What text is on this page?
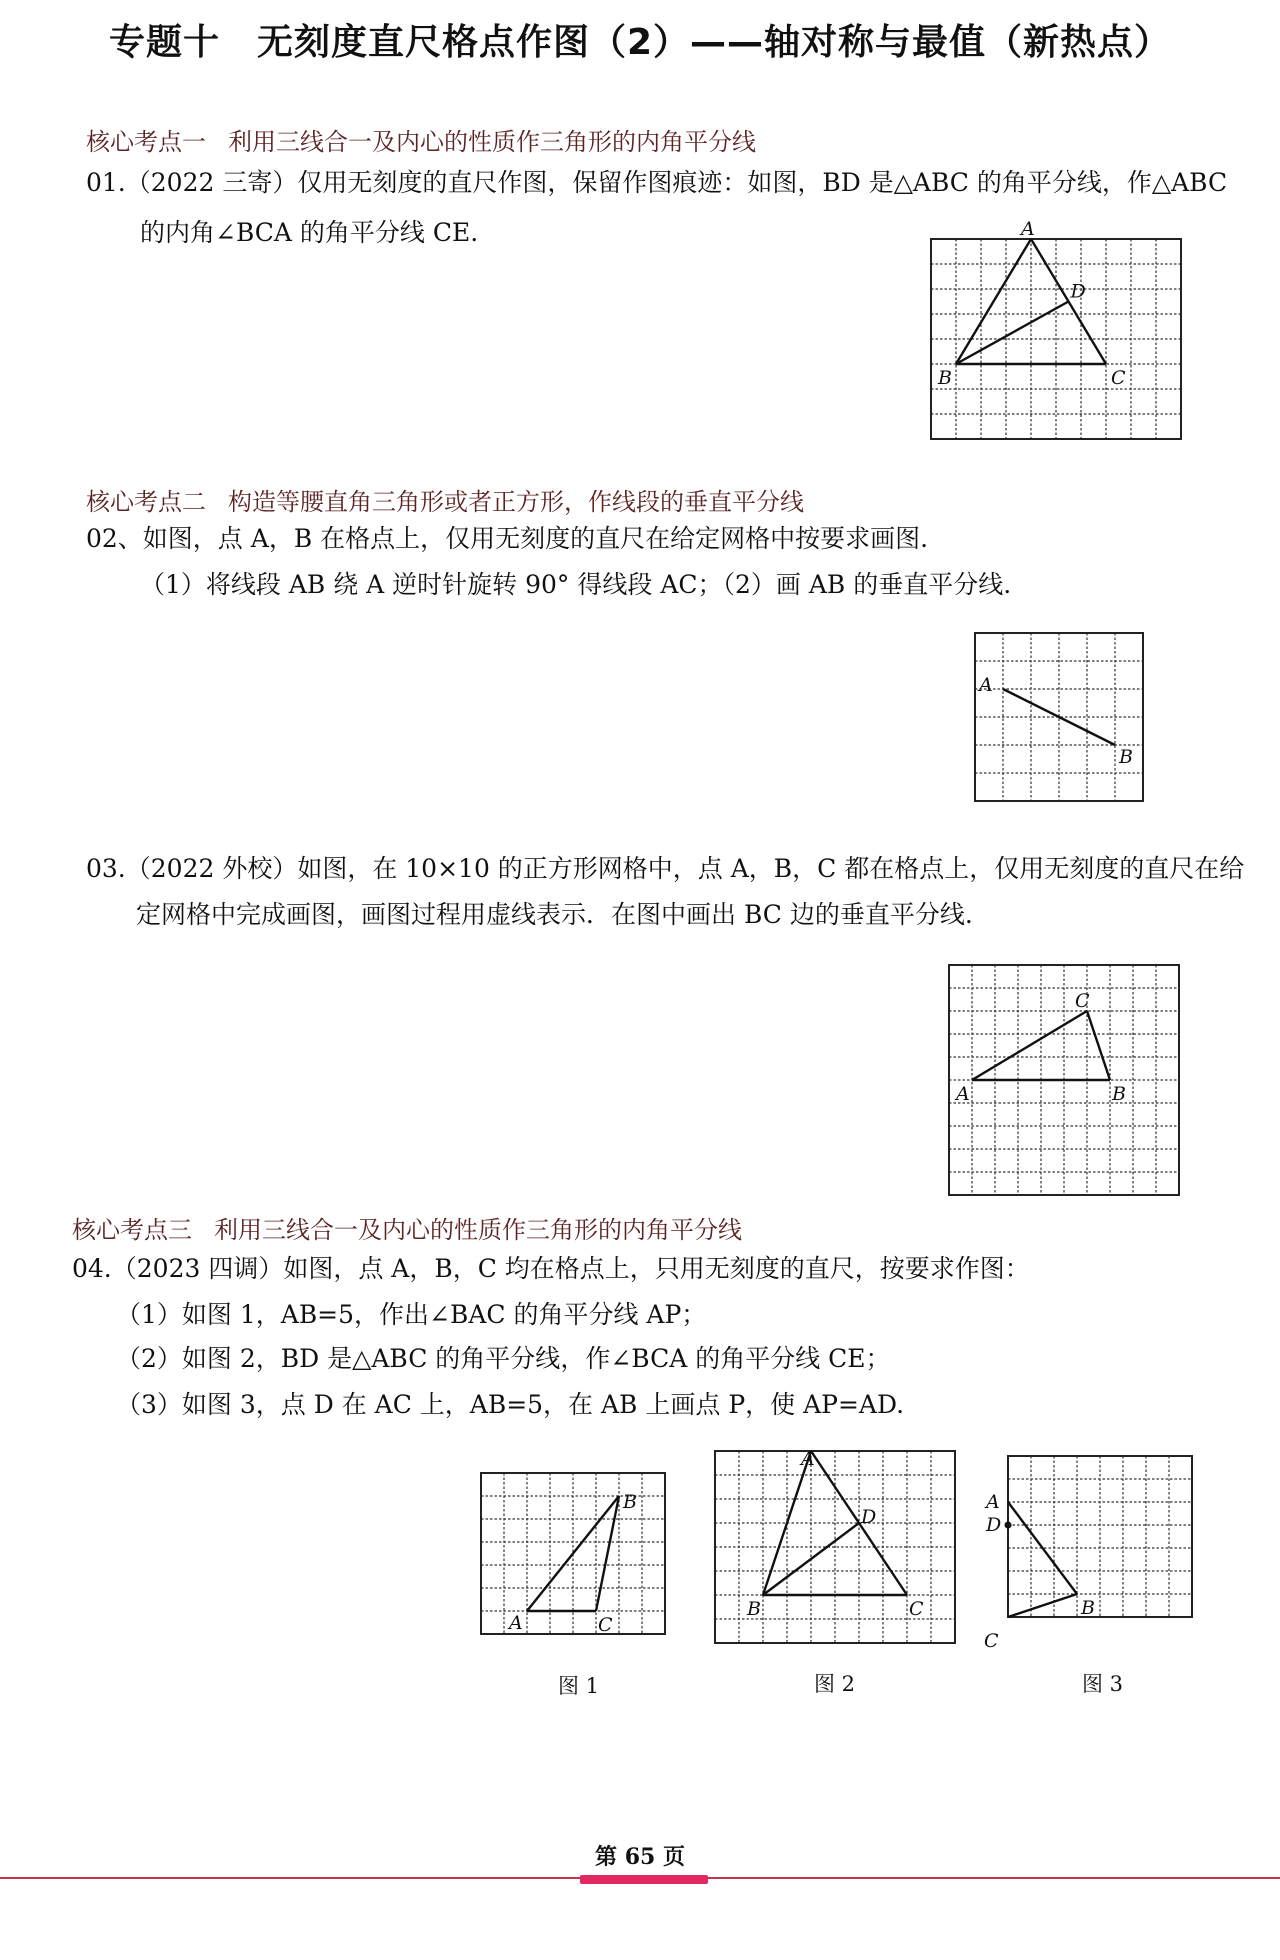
专题十　无刻度直尺格点作图（2）——轴对称与最值（新热点）
核心考点一 利用三线合一及内心的性质作三角形的内角平分线
01.（2022 三寄）仅用无刻度的直尺作图，保留作图痕迹：如图，BD 是△ABC 的角平分线，作△ABC
的内角∠BCA 的角平分线 CE.	A
B	C
D
核心考点二 构造等腰直角三角形或者正方形，作线段的垂直平分线
02、如图，点 A，B 在格点上，仅用无刻度的直尺在给定网格中按要求画图.
（1）将线段 AB 绕 A 逆时针旋转 90° 得线段 AC；（2）画 AB 的垂直平分线.
A
B
03.（2022 外校）如图，在 10×10 的正方形网格中，点 A，B，C 都在格点上，仅用无刻度的直尺在给
定网格中完成画图，画图过程用虚线表示．在图中画出 BC 边的垂直平分线.
C
A	B
核心考点三 利用三线合一及内心的性质作三角形的内角平分线
04.（2023 四调）如图，点 A，B，C 均在格点上，只用无刻度的直尺，按要求作图：
（1）如图 1，AB=5，作出∠BAC 的角平分线 AP；
（2）如图 2，BD 是△ABC 的角平分线，作∠BCA 的角平分线 CE；
（3）如图 3，点 D 在 AC 上，AB=5，在 AB 上画点 P，使 AP=AD.
B
A	C
A
B	C
D
A
D
B
C
图 1	图 2	图 3
第 65 页
